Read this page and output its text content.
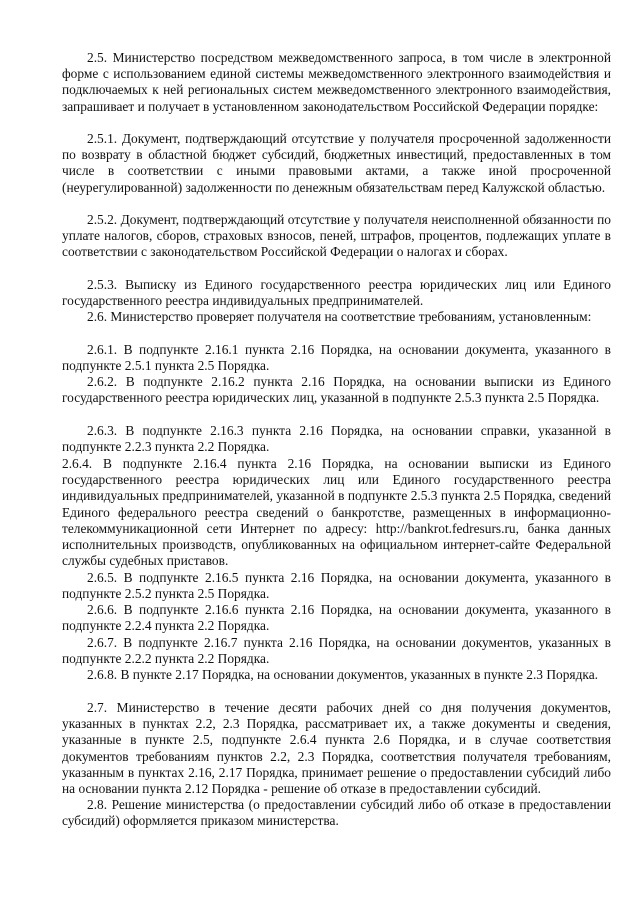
2.5. Министерство посредством межведомственного запроса, в том числе в электронной форме с использованием единой системы межведомственного электронного взаимодействия и подключаемых к ней региональных систем межведомственного электронного взаимодействия, запрашивает и получает в установленном законодательством Российской Федерации порядке:

2.5.1. Документ, подтверждающий отсутствие у получателя просроченной задолженности по возврату в областной бюджет субсидий, бюджетных инвестиций, предоставленных в том числе в соответствии с иными правовыми актами, а также иной просроченной (неурегулированной) задолженности по денежным обязательствам перед Калужской областью.

2.5.2. Документ, подтверждающий отсутствие у получателя неисполненной обязанности по уплате налогов, сборов, страховых взносов, пеней, штрафов, процентов, подлежащих уплате в соответствии с законодательством Российской Федерации о налогах и сборах.

2.5.3. Выписку из Единого государственного реестра юридических лиц или Единого государственного реестра индивидуальных предпринимателей.

2.6. Министерство проверяет получателя на соответствие требованиям, установленным:

2.6.1. В подпункте 2.16.1 пункта 2.16 Порядка, на основании документа, указанного в подпункте 2.5.1 пункта 2.5 Порядка.

2.6.2. В подпункте 2.16.2 пункта 2.16 Порядка, на основании выписки из Единого государственного реестра юридических лиц, указанной в подпункте 2.5.3 пункта 2.5 Порядка.

2.6.3. В подпункте 2.16.3 пункта 2.16 Порядка, на основании справки, указанной в подпункте 2.2.3 пункта 2.2 Порядка.

2.6.4. В подпункте 2.16.4 пункта 2.16 Порядка, на основании выписки из Единого государственного реестра юридических лиц или Единого государственного реестра индивидуальных предпринимателей, указанной в подпункте 2.5.3 пункта 2.5 Порядка, сведений Единого федерального реестра сведений о банкротстве, размещенных в информационно-телекоммуникационной сети Интернет по адресу: http://bankrot.fedresurs.ru, банка данных исполнительных производств, опубликованных на официальном интернет-сайте Федеральной службы судебных приставов.

2.6.5. В подпункте 2.16.5 пункта 2.16 Порядка, на основании документа, указанного в подпункте 2.5.2 пункта 2.5 Порядка.

2.6.6. В подпункте 2.16.6 пункта 2.16 Порядка, на основании документа, указанного в подпункте 2.2.4 пункта 2.2 Порядка.

2.6.7. В подпункте 2.16.7 пункта 2.16 Порядка, на основании документов, указанных в подпункте 2.2.2 пункта 2.2 Порядка.

2.6.8. В пункте 2.17 Порядка, на основании документов, указанных в пункте 2.3 Порядка.

2.7. Министерство в течение десяти рабочих дней со дня получения документов, указанных в пунктах 2.2, 2.3 Порядка, рассматривает их, а также документы и сведения, указанные в пункте 2.5, подпункте 2.6.4 пункта 2.6 Порядка, и в случае соответствия документов требованиям пунктов 2.2, 2.3 Порядка, соответствия получателя требованиям, указанным в пунктах 2.16, 2.17 Порядка, принимает решение о предоставлении субсидий либо на основании пункта 2.12 Порядка - решение об отказе в предоставлении субсидий.

2.8. Решение министерства (о предоставлении субсидий либо об отказе в предоставлении субсидий) оформляется приказом министерства.
